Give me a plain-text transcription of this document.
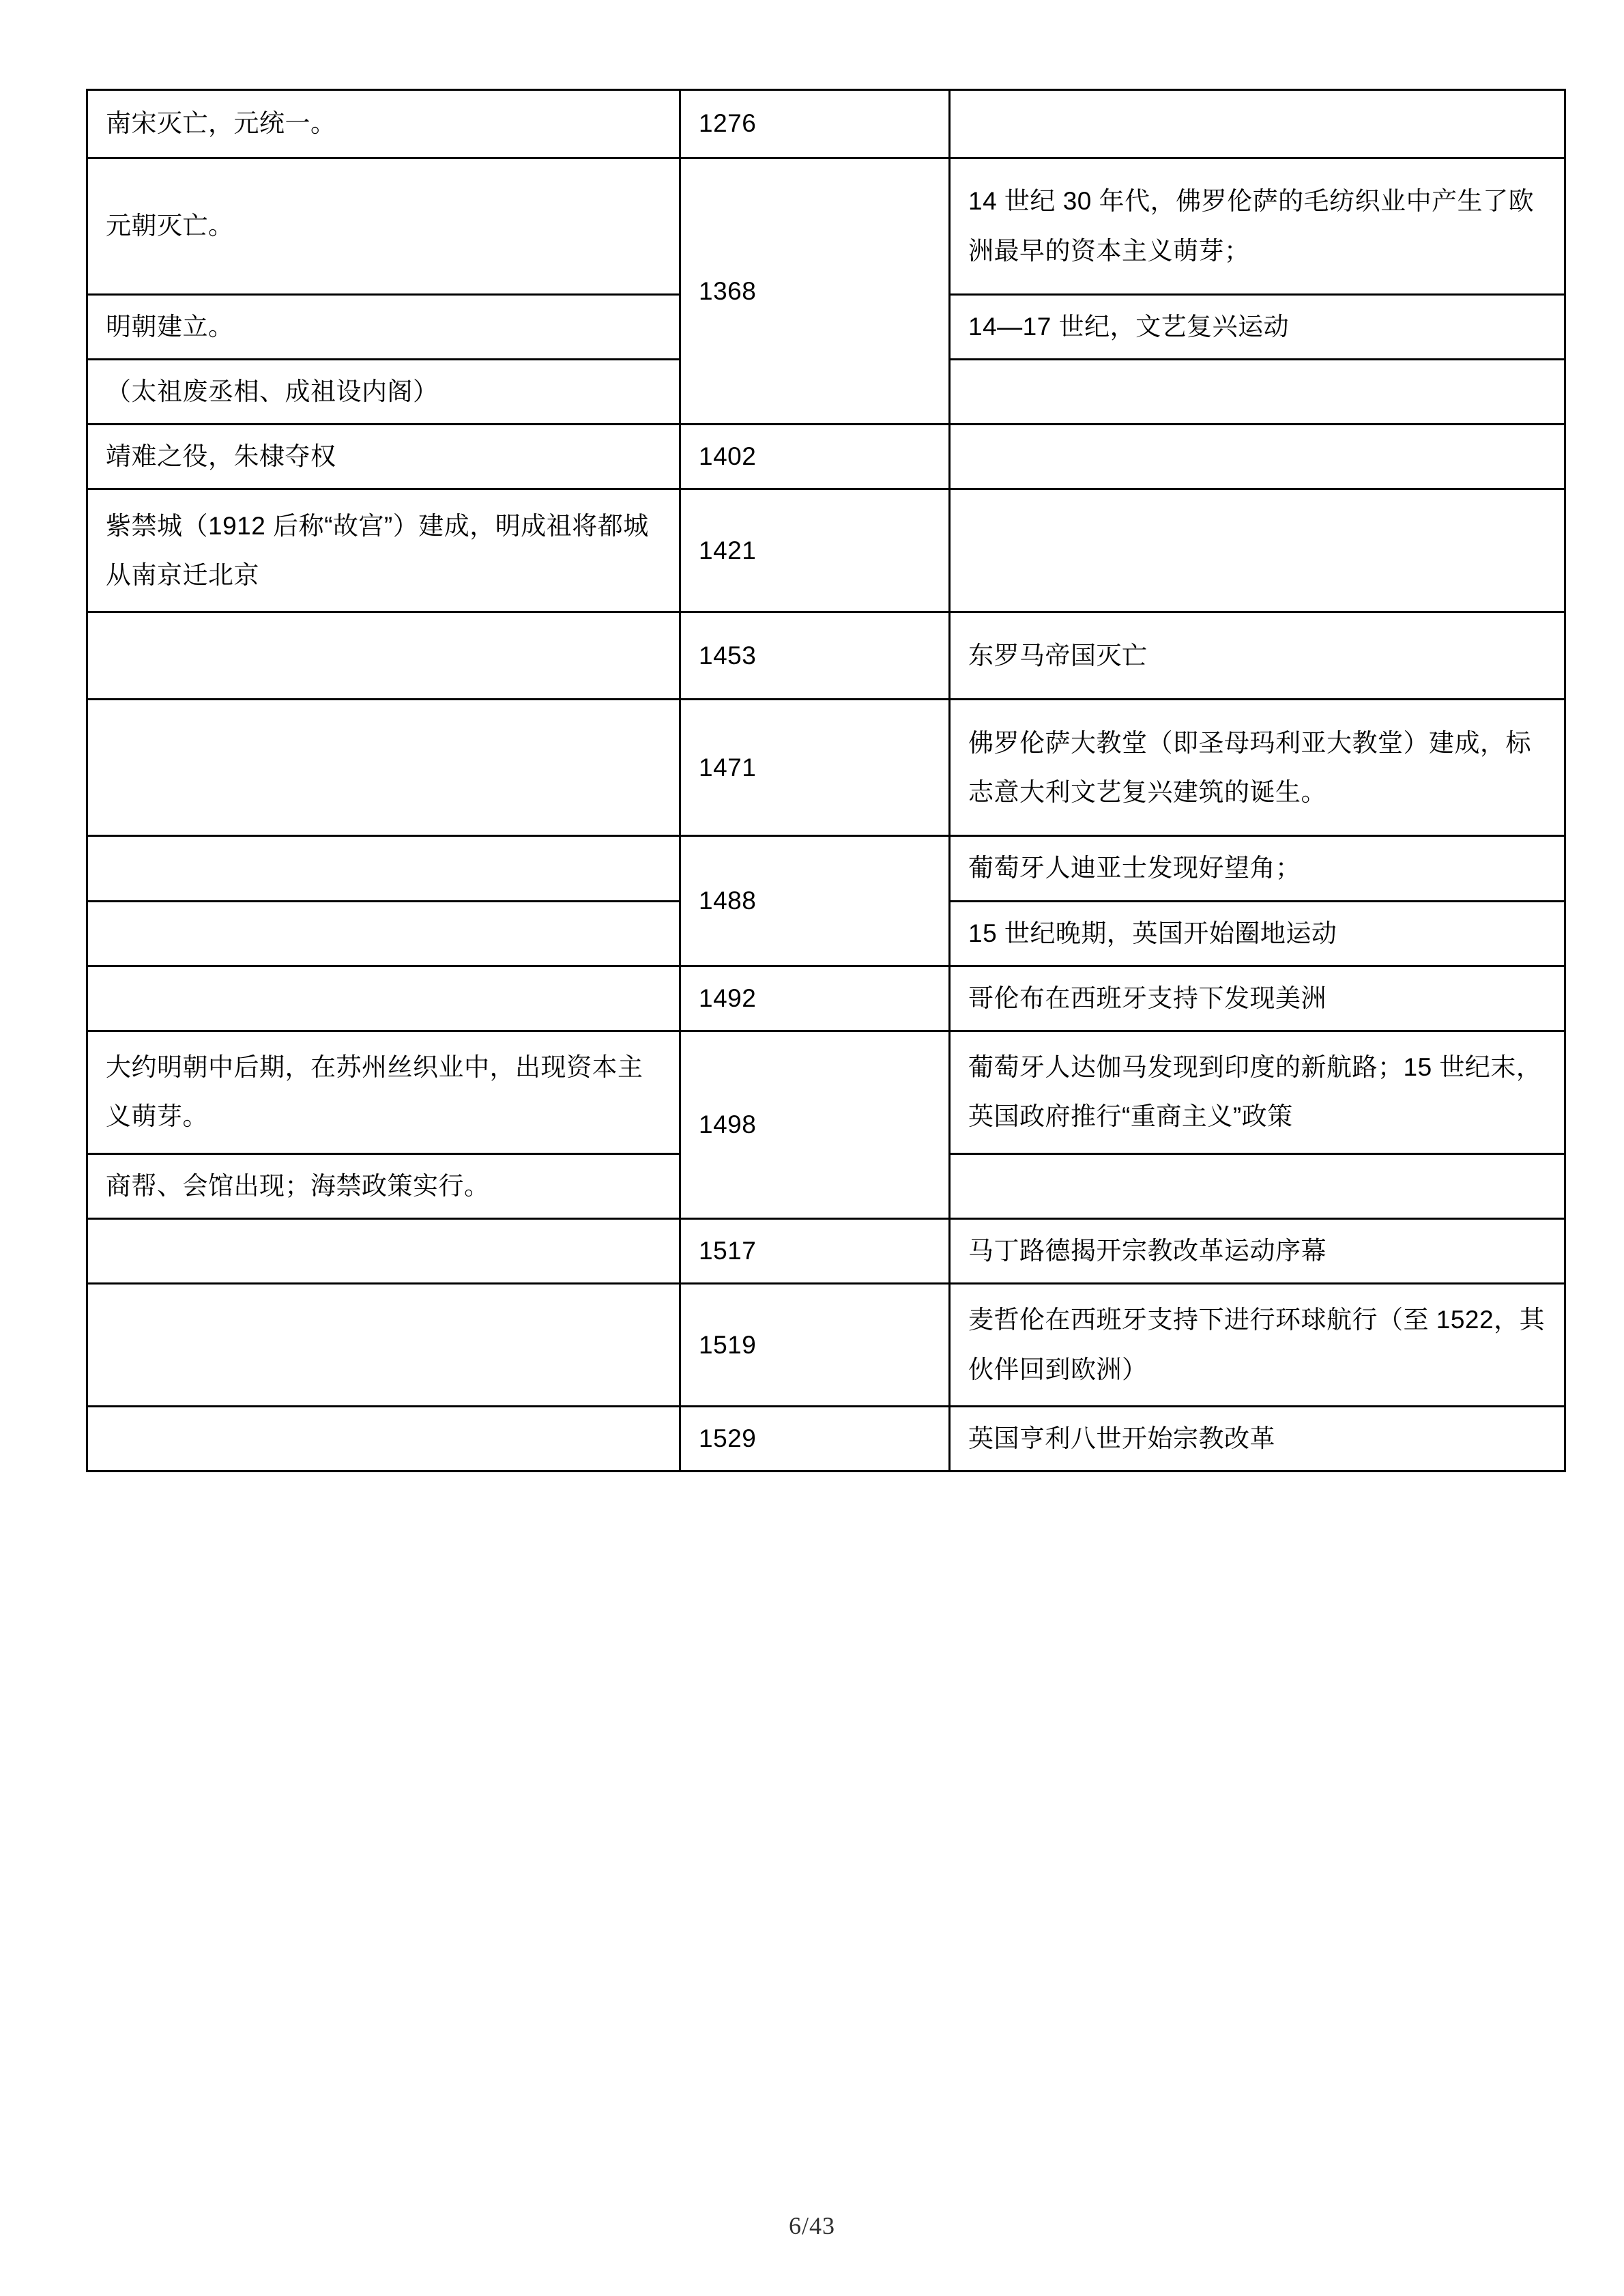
南宋灭亡，元统一。	1276	

元朝灭亡。	1368	14 世纪 30 年代，佛罗伦萨的毛纺织业中产生了欧洲最早的资本主义萌芽；

明朝建立。		14—17 世纪，文艺复兴运动

（太祖废丞相、成祖设内阁）		

靖难之役，朱棣夺权	1402	

紫禁城（1912 后称“故宫”）建成，明成祖将都城从南京迁北京	1421	

	1453	东罗马帝国灭亡

	1471	佛罗伦萨大教堂（即圣母玛利亚大教堂）建成，标志意大利文艺复兴建筑的诞生。

	1488	葡萄牙人迪亚士发现好望角；

		15 世纪晚期，英国开始圈地运动

	1492	哥伦布在西班牙支持下发现美洲

大约明朝中后期，在苏州丝织业中，出现资本主义萌芽。	1498	葡萄牙人达伽马发现到印度的新航路；15 世纪末，英国政府推行“重商主义”政策

商帮、会馆出现；海禁政策实行。		

	1517	马丁路德揭开宗教改革运动序幕

	1519	麦哲伦在西班牙支持下进行环球航行（至 1522，其伙伴回到欧洲）

	1529	英国亨利八世开始宗教改革
6/43
